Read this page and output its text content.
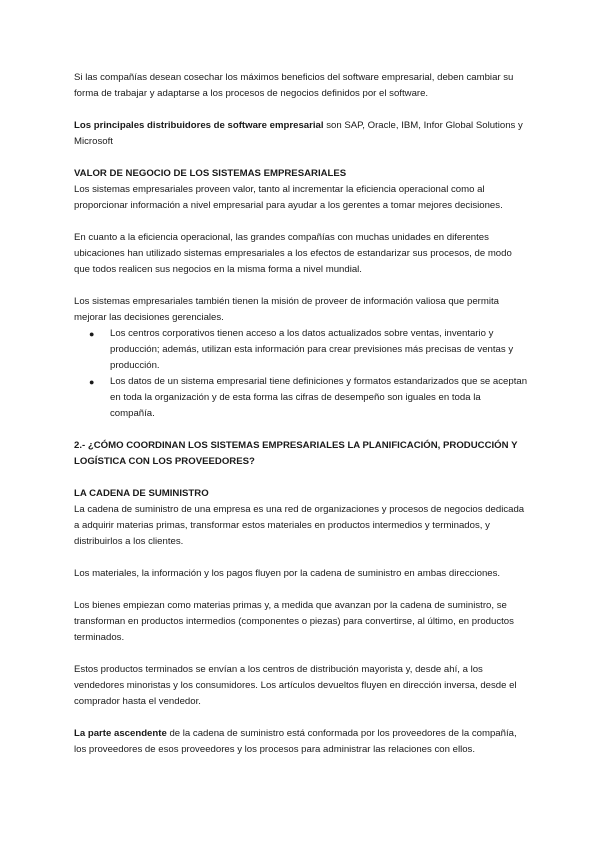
Si las compañías desean cosechar los máximos beneficios del software empresarial, deben cambiar su forma de trabajar y adaptarse a los procesos de negocios definidos por el software.

Los principales distribuidores de software empresarial son SAP, Oracle, IBM, Infor Global Solutions y Microsoft

VALOR DE NEGOCIO DE LOS SISTEMAS EMPRESARIALES

Los sistemas empresariales proveen valor, tanto al incrementar la eficiencia operacional como al proporcionar información a nivel empresarial para ayudar a los gerentes a tomar mejores decisiones.

En cuanto a la eficiencia operacional, las grandes compañías con muchas unidades en diferentes ubicaciones han utilizado sistemas empresariales a los efectos de estandarizar sus procesos, de modo que todos realicen sus negocios en la misma forma a nivel mundial.

Los sistemas empresariales también tienen la misión de proveer de información valiosa que permita mejorar las decisiones gerenciales.

● Los centros corporativos tienen acceso a los datos actualizados sobre ventas, inventario y producción; además, utilizan esta información para crear previsiones más precisas de ventas y producción.
● Los datos de un sistema empresarial tiene definiciones y formatos estandarizados que se aceptan en toda la organización y de esta forma las cifras de desempeño son iguales en toda la compañía.

2.- ¿CÓMO COORDINAN LOS SISTEMAS EMPRESARIALES LA PLANIFICACIÓN, PRODUCCIÓN Y LOGÍSTICA CON LOS PROVEEDORES?

LA CADENA DE SUMINISTRO

La cadena de suministro de una empresa es una red de organizaciones y procesos de negocios dedicada a adquirir materias primas, transformar estos materiales en productos intermedios y terminados, y distribuirlos a los clientes.

Los materiales, la información y los pagos fluyen por la cadena de suministro en ambas direcciones.

Los bienes empiezan como materias primas y, a medida que avanzan por la cadena de suministro, se transforman en productos intermedios (componentes o piezas) para convertirse, al último, en productos terminados.

Estos productos terminados se envían a los centros de distribución mayorista y, desde ahí, a los vendedores minoristas y los consumidores. Los artículos devueltos fluyen en dirección inversa, desde el comprador hasta el vendedor.

La parte ascendente de la cadena de suministro está conformada por los proveedores de la compañía, los proveedores de esos proveedores y los procesos para administrar las relaciones con ellos.
